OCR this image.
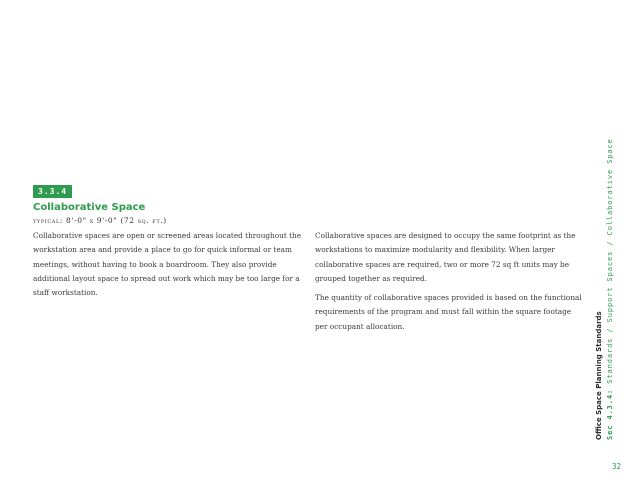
3.3.4
Collaborative Space
typical: 8'-0" x 9'-0" (72 sq. ft.)

Collaborative spaces are open or screened areas located throughout the workstation area and provide a place to go for quick informal or team meetings, without having to book a boardroom. They also provide additional layout space to spread out work which may be too large for a staff workstation.

Collaborative spaces are designed to occupy the same footprint as the workstations to maximize modularity and flexibility. When larger collaborative spaces are required, two or more 72 sq ft units may be grouped together as required.

The quantity of collaborative spaces provided is based on the functional requirements of the program and must fall within the square footage per occupant allocation.	Office Space Planning Standards Sec 4.3.4: Standards / Support Spaces / Collaborative Space
32
